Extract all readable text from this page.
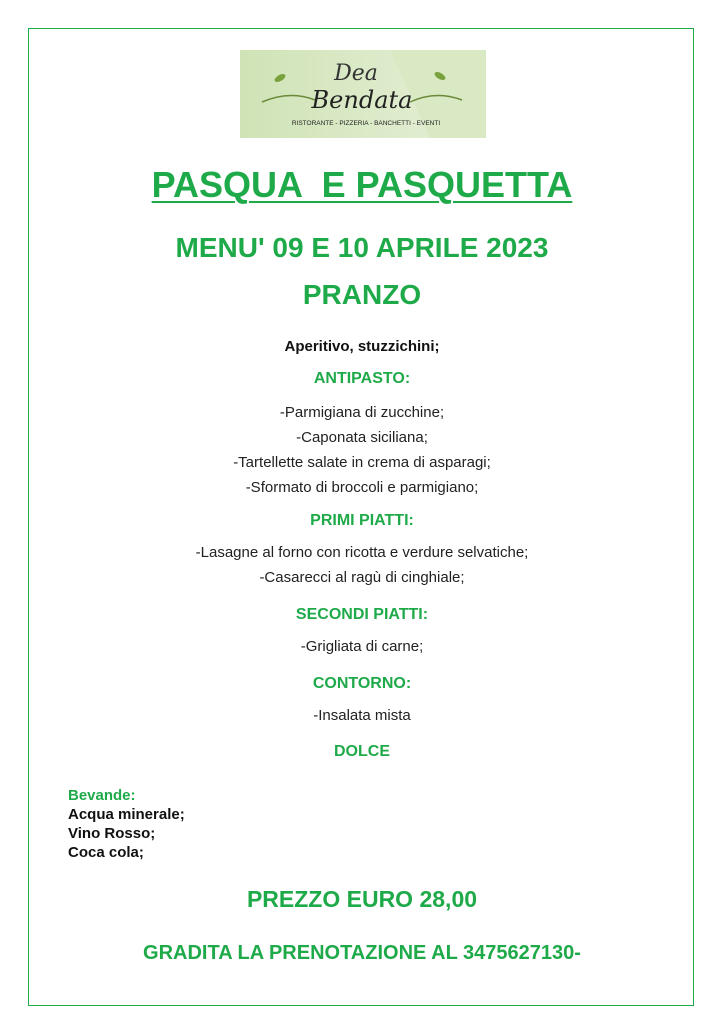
Dea
Bendata
RISTORANTE - PIZZERIA - BANCHETTI - EVENTI
PASQUA  E PASQUETTA
MENU' 09 E 10 APRILE 2023
PRANZO
Aperitivo, stuzzichini;
ANTIPASTO:
-Parmigiana di zucchine;
-Caponata siciliana;
-Tartellette salate in crema di asparagi;
-Sformato di broccoli e parmigiano;
PRIMI PIATTI:
-Lasagne al forno con ricotta e verdure selvatiche;
-Casarecci al ragù di cinghiale;
SECONDI PIATTI:
-Grigliata di carne;
CONTORNO:
-Insalata mista
DOLCE
Bevande:
Acqua minerale;
Vino Rosso;
Coca cola;
PREZZO EURO 28,00
GRADITA LA PRENOTAZIONE AL 3475627130-
